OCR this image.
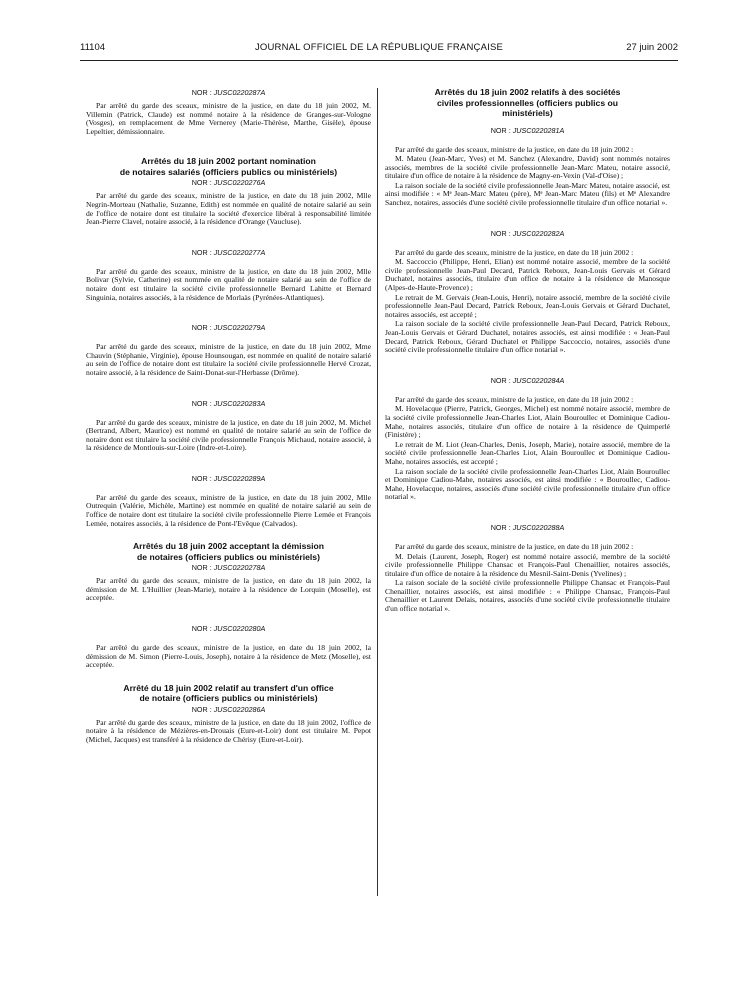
11104	JOURNAL OFFICIEL DE LA RÉPUBLIQUE FRANÇAISE	27 juin 2002
NOR : JUSC0220287A

Par arrêté du garde des sceaux, ministre de la justice, en date du 18 juin 2002, M. Villemin (Patrick, Claude) est nommé notaire à la résidence de Granges-sur-Vologne (Vosges), en remplacement de Mme Vernerey (Marie-Thérèse, Marthe, Gisèle), épouse Lepeltier, démissionnaire.

Arrêtés du 18 juin 2002 portant nomination
de notaires salariés (officiers publics ou ministériels)
NOR : JUSC0220276A

Par arrêté du garde des sceaux, ministre de la justice, en date du 18 juin 2002, Mlle Negrin-Morteau (Nathalie, Suzanne, Edith) est nommée en qualité de notaire salarié au sein de l'office de notaire dont est titulaire la société d'exercice libéral à responsabilité limitée Jean-Pierre Clavel, notaire associé, à la résidence d'Orange (Vaucluse).

NOR : JUSC0220277A

Par arrêté du garde des sceaux, ministre de la justice, en date du 18 juin 2002, Mlle Bolivar (Sylvie, Catherine) est nommée en qualité de notaire salarié au sein de l'office de notaire dont est titulaire la société civile professionnelle Bernard Lahitte et Bernard Singuinia, notaires associés, à la résidence de Morlaàs (Pyrénées-Atlantiques).

NOR : JUSC0220279A

Par arrêté du garde des sceaux, ministre de la justice, en date du 18 juin 2002, Mme Chauvin (Stéphanie, Virginie), épouse Hounsougan, est nommée en qualité de notaire salarié au sein de l'office de notaire dont est titulaire la société civile professionnelle Hervé Crozat, notaire associé, à la résidence de Saint-Donat-sur-l'Herbasse (Drôme).

NOR : JUSC0220283A

Par arrêté du garde des sceaux, ministre de la justice, en date du 18 juin 2002, M. Michel (Bertrand, Albert, Maurice) est nommé en qualité de notaire salarié au sein de l'office de notaire dont est titulaire la société civile professionnelle François Michaud, notaire associé, à la résidence de Montlouis-sur-Loire (Indre-et-Loire).

NOR : JUSC0220289A

Par arrêté du garde des sceaux, ministre de la justice, en date du 18 juin 2002, Mlle Outrequin (Valérie, Michèle, Martine) est nommée en qualité de notaire salarié au sein de l'office de notaire dont est titulaire la société civile professionnelle Pierre Lemée et François Lemée, notaires associés, à la résidence de Pont-l'Evêque (Calvados).

Arrêtés du 18 juin 2002 acceptant la démission
de notaires (officiers publics ou ministériels)
NOR : JUSC0220278A

Par arrêté du garde des sceaux, ministre de la justice, en date du 18 juin 2002, la démission de M. L'Huillier (Jean-Marie), notaire à la résidence de Lorquin (Moselle), est acceptée.

NOR : JUSC0220280A

Par arrêté du garde des sceaux, ministre de la justice, en date du 18 juin 2002, la démission de M. Simon (Pierre-Louis, Joseph), notaire à la résidence de Metz (Moselle), est acceptée.

Arrêté du 18 juin 2002 relatif au transfert d'un office
de notaire (officiers publics ou ministériels)
NOR : JUSC0220286A

Par arrêté du garde des sceaux, ministre de la justice, en date du 18 juin 2002, l'office de notaire à la résidence de Mézières-en-Drouais (Eure-et-Loir) dont est titulaire M. Pepot (Michel, Jacques) est transféré à la résidence de Chérisy (Eure-et-Loir).

Arrêtés du 18 juin 2002 relatifs à des sociétés
civiles professionnelles (officiers publics ou
ministériels)
NOR : JUSC0220281A

Par arrêté du garde des sceaux, ministre de la justice, en date du 18 juin 2002 :

M. Mateu (Jean-Marc, Yves) et M. Sanchez (Alexandre, David) sont nommés notaires associés, membres de la société civile professionnelle Jean-Marc Mateu, notaire associé, titulaire d'un office de notaire à la résidence de Magny-en-Vexin (Val-d'Oise) ;

La raison sociale de la société civile professionnelle Jean-Marc Mateu, notaire associé, est ainsi modifiée : « Mᵉ Jean-Marc Mateu (père), Mᵉ Jean-Marc Mateu (fils) et Mᵉ Alexandre Sanchez, notaires, associés d'une société civile professionnelle titulaire d'un office notarial ».

NOR : JUSC0220282A

Par arrêté du garde des sceaux, ministre de la justice, en date du 18 juin 2002 :

M. Saccoccio (Philippe, Henri, Elian) est nommé notaire associé, membre de la société civile professionnelle Jean-Paul Decard, Patrick Reboux, Jean-Louis Gervais et Gérard Duchatel, notaires associés, titulaire d'un office de notaire à la résidence de Manosque (Alpes-de-Haute-Provence) ;

Le retrait de M. Gervais (Jean-Louis, Henri), notaire associé, membre de la société civile professionnelle Jean-Paul Decard, Patrick Reboux, Jean-Louis Gervais et Gérard Duchatel, notaires associés, est accepté ;

La raison sociale de la société civile professionnelle Jean-Paul Decard, Patrick Reboux, Jean-Louis Gervais et Gérard Duchatel, notaires associés, est ainsi modifiée : « Jean-Paul Decard, Patrick Reboux, Gérard Duchatel et Philippe Saccoccio, notaires, associés d'une société civile professionnelle titulaire d'un office notarial ».

NOR : JUSC0220284A

Par arrêté du garde des sceaux, ministre de la justice, en date du 18 juin 2002 :

M. Hovelacque (Pierre, Patrick, Georges, Michel) est nommé notaire associé, membre de la société civile professionnelle Jean-Charles Liot, Alain Bouroullec et Dominique Cadiou-Mahe, notaires associés, titulaire d'un office de notaire à la résidence de Quimperlé (Finistère) ;

Le retrait de M. Liot (Jean-Charles, Denis, Joseph, Marie), notaire associé, membre de la société civile professionnelle Jean-Charles Liot, Alain Bouroullec et Dominique Cadiou-Mahe, notaires associés, est accepté ;

La raison sociale de la société civile professionnelle Jean-Charles Liot, Alain Bouroullec et Dominique Cadiou-Mahe, notaires associés, est ainsi modifiée : « Bouroullec, Cadiou-Mahe, Hovelacque, notaires, associés d'une société civile professionnelle titulaire d'un office notarial ».

NOR : JUSC0220288A

Par arrêté du garde des sceaux, ministre de la justice, en date du 18 juin 2002 :

M. Delais (Laurent, Joseph, Roger) est nommé notaire associé, membre de la société civile professionnelle Philippe Chansac et François-Paul Chenaillier, notaires associés, titulaire d'un office de notaire à la résidence du Mesnil-Saint-Denis (Yvelines) ;

La raison sociale de la société civile professionnelle Philippe Chansac et François-Paul Chenaillier, notaires associés, est ainsi modifiée : « Philippe Chansac, François-Paul Chenaillier et Laurent Delais, notaires, associés d'une société civile professionnelle titulaire d'un office notarial ».
